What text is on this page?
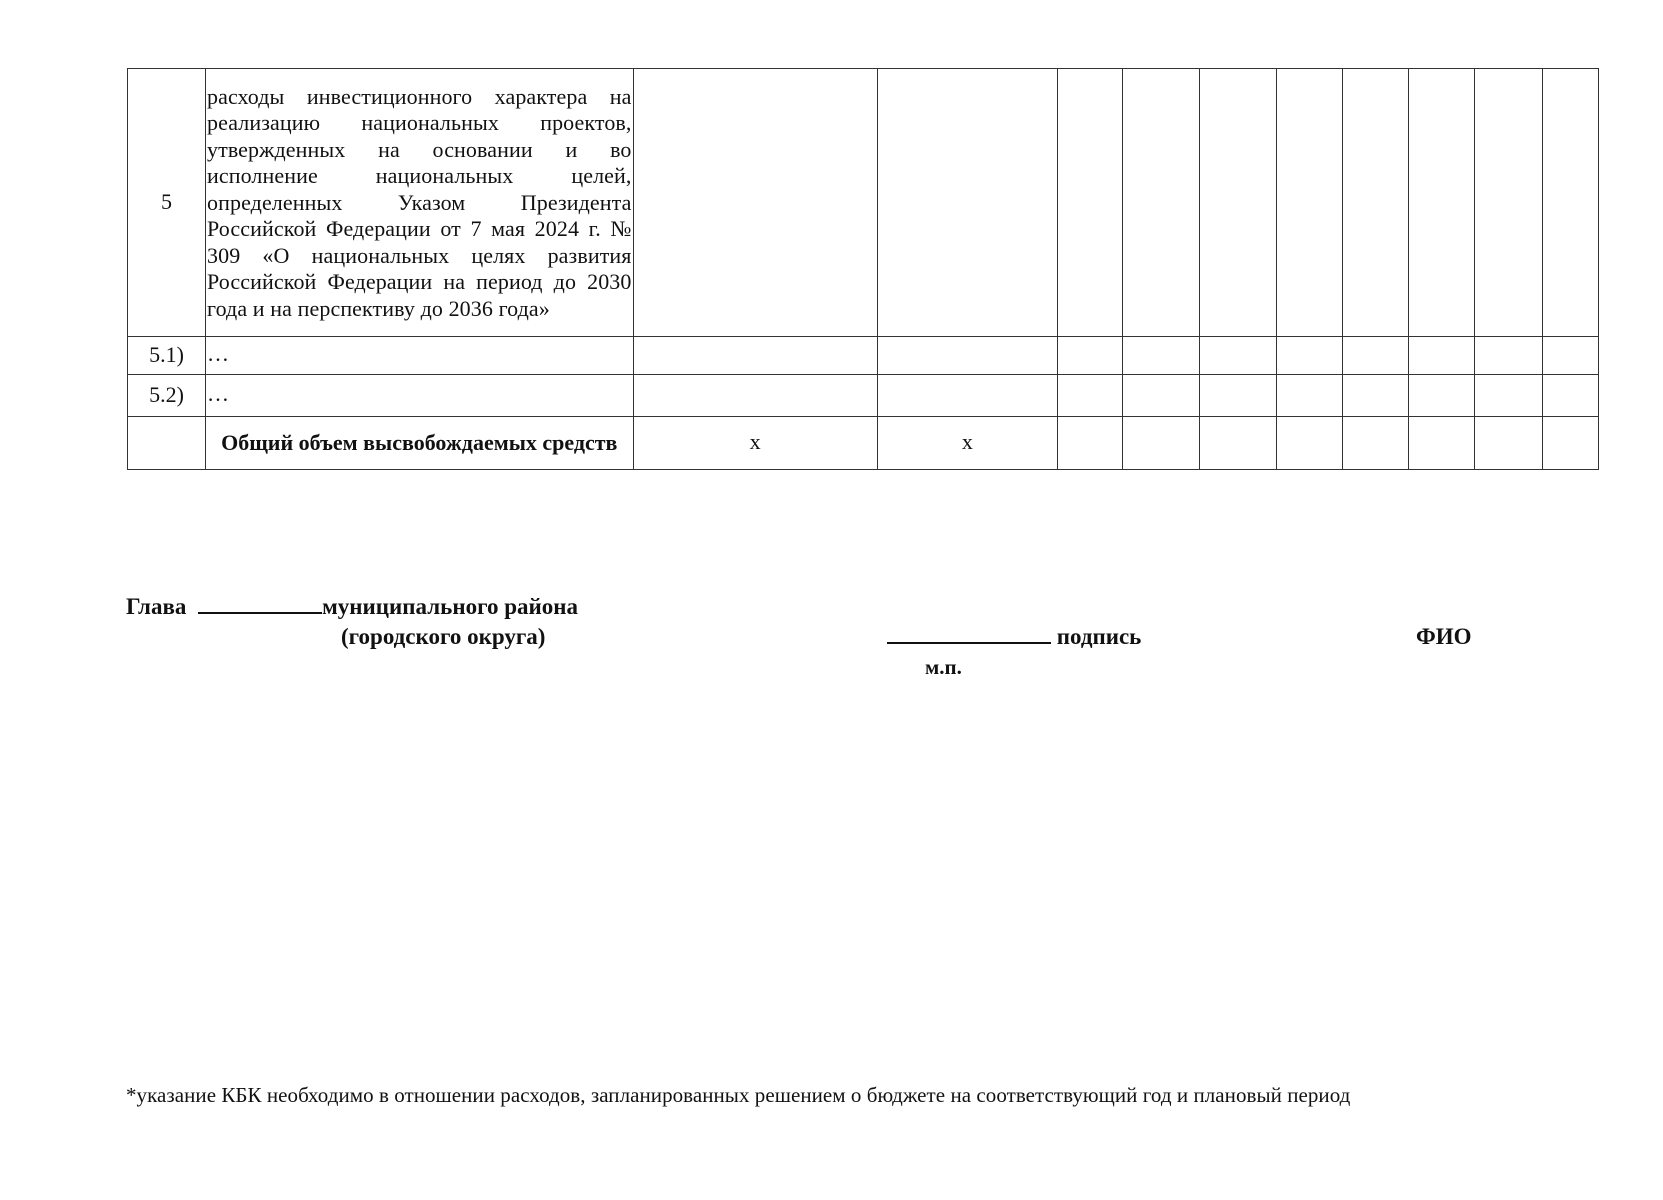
5	расходы инвестиционного характера на реализацию национальных проектов, утвержденных на основании и во исполнение национальных целей, определенных Указом Президента Российской Федерации от 7 мая 2024 г. № 309 «О национальных целях развития Российской Федерации на период до 2030 года и на перспективу до 2036 года»										
5.1)	…										
5.2)	…										
	Общий объем высвобождаемых средств	х	х								
Глава	муниципального района
(городского округа)	подпись
м.п.
ФИО
*указание КБК необходимо в отношении расходов, запланированных решением о бюджете на соответствующий год и плановый период
